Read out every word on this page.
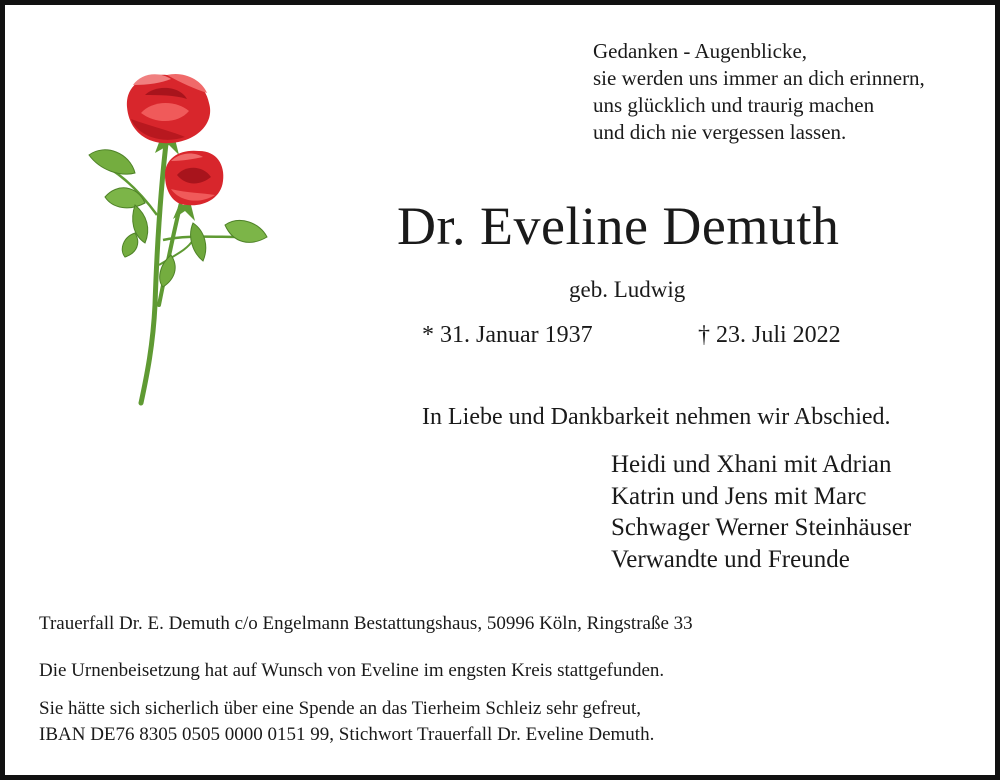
Gedanken - Augenblicke,
sie werden uns immer an dich erinnern,
uns glücklich und traurig machen
und dich nie vergessen lassen.
Dr. Eveline Demuth
geb. Ludwig
* 31. Januar 1937	† 23. Juli 2022
In Liebe und Dankbarkeit nehmen wir Abschied.
Heidi und Xhani mit Adrian
Katrin und Jens mit Marc
Schwager Werner Steinhäuser
Verwandte und Freunde
Trauerfall Dr. E. Demuth c/o Engelmann Bestattungshaus, 50996 Köln, Ringstraße 33
Die Urnenbeisetzung hat auf Wunsch von Eveline im engsten Kreis stattgefunden.
Sie hätte sich sicherlich über eine Spende an das Tierheim Schleiz sehr gefreut,
IBAN DE76 8305 0505 0000 0151 99, Stichwort Trauerfall Dr. Eveline Demuth.
